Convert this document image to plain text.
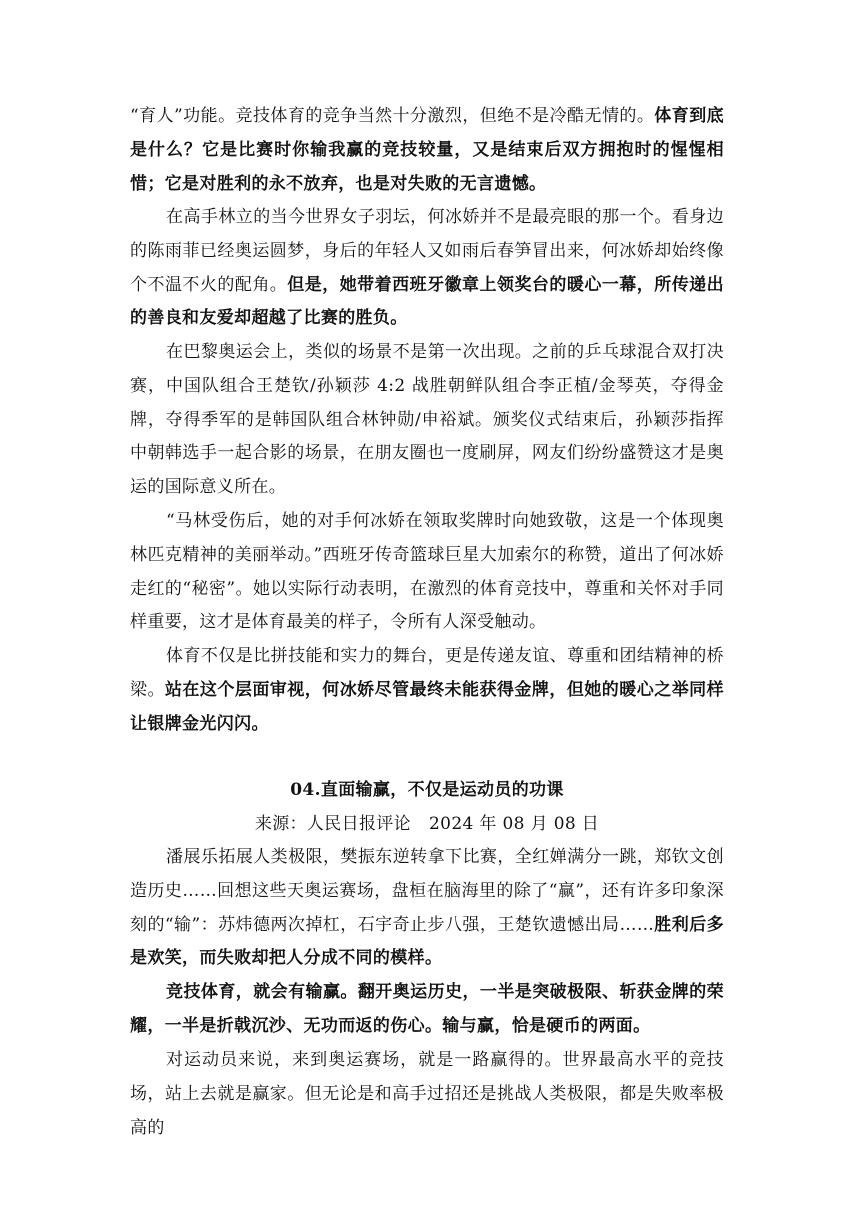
“育人”功能。竞技体育的竞争当然十分激烈，但绝不是冷酷无情的。体育到底是什么？它是比赛时你输我赢的竞技较量，又是结束后双方拥抱时的惺惺相惜；它是对胜利的永不放弃，也是对失败的无言遗憾。

在高手林立的当今世界女子羽坛，何冰娇并不是最亮眼的那一个。看身边的陈雨菲已经奥运圆梦，身后的年轻人又如雨后春笋冒出来，何冰娇却始终像个不温不火的配角。但是，她带着西班牙徽章上领奖台的暖心一幕，所传递出的善良和友爱却超越了比赛的胜负。

在巴黎奥运会上，类似的场景不是第一次出现。之前的乒乓球混合双打决赛，中国队组合王楚钦/孙颖莎 4:2 战胜朝鲜队组合李正植/金琴英，夺得金牌，夺得季军的是韩国队组合林钟勋/申裕斌。颁奖仪式结束后，孙颖莎指挥中朝韩选手一起合影的场景，在朋友圈也一度刷屏，网友们纷纷盛赞这才是奥运的国际意义所在。

“马林受伤后，她的对手何冰娇在领取奖牌时向她致敬，这是一个体现奥林匹克精神的美丽举动。”西班牙传奇篮球巨星大加索尔的称赞，道出了何冰娇走红的“秘密”。她以实际行动表明，在激烈的体育竞技中，尊重和关怀对手同样重要，这才是体育最美的样子，令所有人深受触动。

体育不仅是比拼技能和实力的舞台，更是传递友谊、尊重和团结精神的桥梁。站在这个层面审视，何冰娇尽管最终未能获得金牌，但她的暖心之举同样让银牌金光闪闪。

04.直面输赢，不仅是运动员的功课

来源：人民日报评论 2024 年 08 月 08 日

潘展乐拓展人类极限，樊振东逆转拿下比赛，全红婵满分一跳，郑钦文创造历史……回想这些天奥运赛场，盘桓在脑海里的除了“赢”，还有许多印象深刻的“输”：苏炜德两次掉杠，石宇奇止步八强，王楚钦遗憾出局……胜利后多是欢笑，而失败却把人分成不同的模样。

竞技体育，就会有输赢。翻开奥运历史，一半是突破极限、斩获金牌的荣耀，一半是折戟沉沙、无功而返的伤心。输与赢，恰是硬币的两面。

对运动员来说，来到奥运赛场，就是一路赢得的。世界最高水平的竞技场，站上去就是赢家。但无论是和高手过招还是挑战人类极限，都是失败率极高的
